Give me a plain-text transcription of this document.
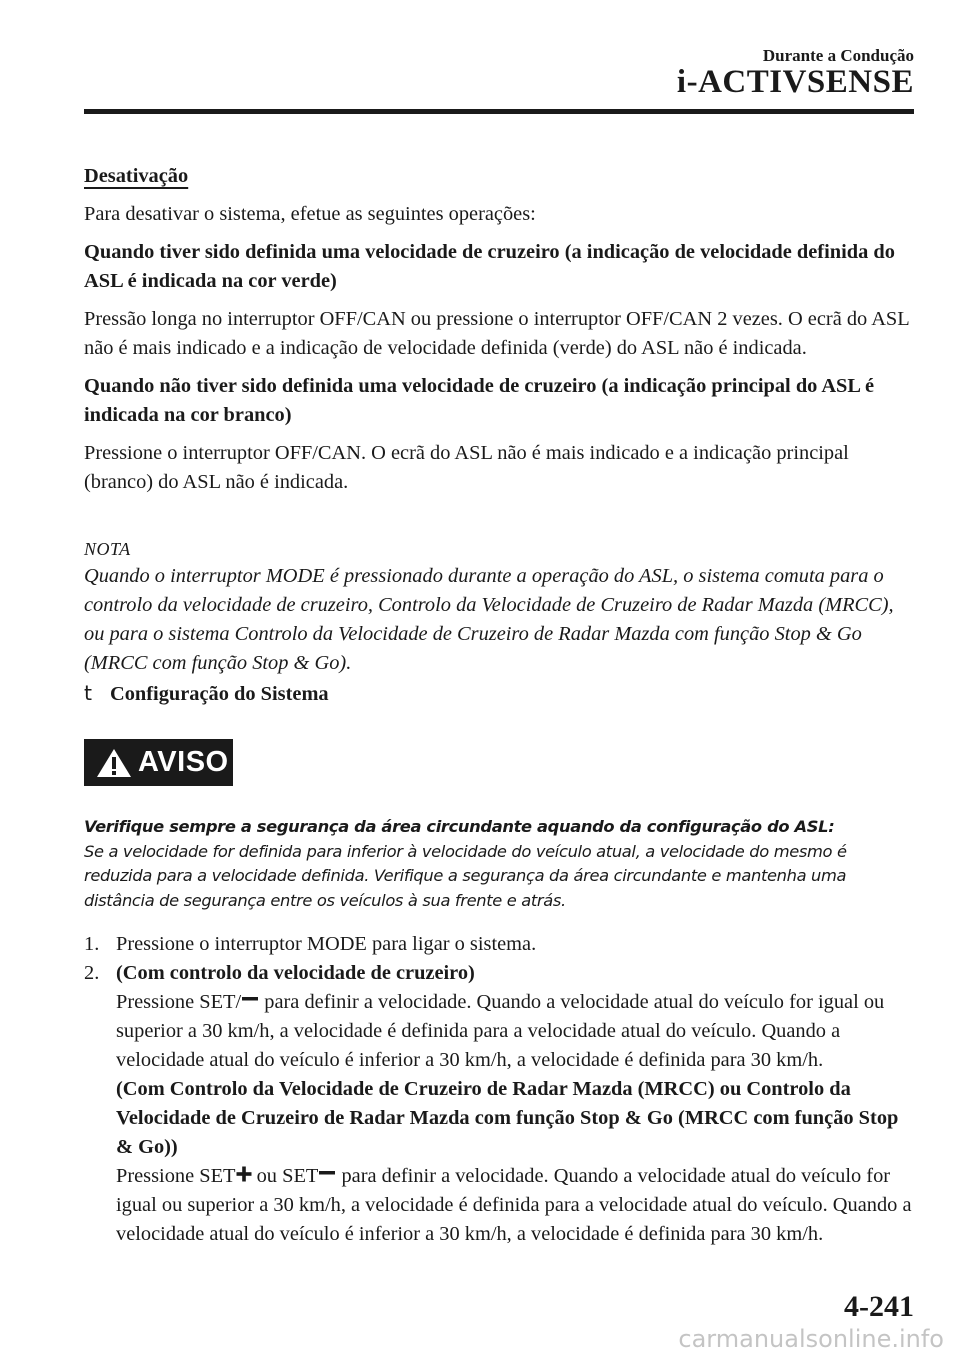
Durante a Condução
i-ACTIVSENSE

Desativação

Para desativar o sistema, efetue as seguintes operações:

Quando tiver sido definida uma velocidade de cruzeiro (a indicação de velocidade definida do ASL é indicada na cor verde)

Pressão longa no interruptor OFF/CAN ou pressione o interruptor OFF/CAN 2 vezes. O ecrã do ASL não é mais indicado e a indicação de velocidade definida (verde) do ASL não é indicada.

Quando não tiver sido definida uma velocidade de cruzeiro (a indicação principal do ASL é indicada na cor branco)

Pressione o interruptor OFF/CAN. O ecrã do ASL não é mais indicado e a indicação principal (branco) do ASL não é indicada.

NOTA

Quando o interruptor MODE é pressionado durante a operação do ASL, o sistema comuta para o controlo da velocidade de cruzeiro, Controlo da Velocidade de Cruzeiro de Radar Mazda (MRCC), ou para o sistema Controlo da Velocidade de Cruzeiro de Radar Mazda com função Stop & Go (MRCC com função Stop & Go).

t Configuração do Sistema
AVISO

Verifique sempre a segurança da área circundante aquando da configuração do ASL:

Se a velocidade for definida para inferior à velocidade do veículo atual, a velocidade do mesmo é reduzida para a velocidade definida. Verifique a segurança da área circundante e mantenha uma distância de segurança entre os veículos à sua frente e atrás.

1. Pressione o interruptor MODE para ligar o sistema.
2. (Com controlo da velocidade de cruzeiro)

Pressione SET/ para definir a velocidade. Quando a velocidade atual do veículo for igual ou superior a 30 km/h, a velocidade é definida para a velocidade atual do veículo. Quando a velocidade atual do veículo é inferior a 30 km/h, a velocidade é definida para 30 km/h.

(Com Controlo da Velocidade de Cruzeiro de Radar Mazda (MRCC) ou Controlo da Velocidade de Cruzeiro de Radar Mazda com função Stop & Go (MRCC com função Stop & Go))

Pressione SET ou SET para definir a velocidade. Quando a velocidade atual do veículo for igual ou superior a 30 km/h, a velocidade é definida para a velocidade atual do veículo. Quando a velocidade atual do veículo é inferior a 30 km/h, a velocidade é definida para 30 km/h.

4-241
carmanualsonline.info
